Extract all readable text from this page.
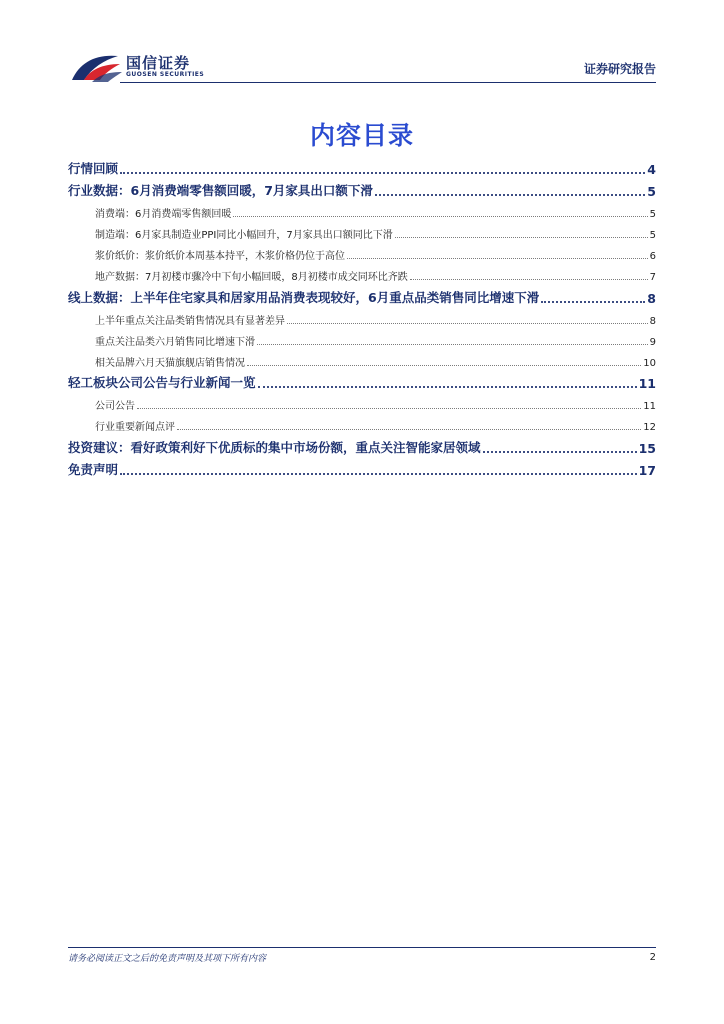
国信证券
GUOSEN SECURITIES	证券研究报告
内容目录
行情回顾	4
行业数据：6月消费端零售额回暖，7月家具出口额下滑	5
消费端：6月消费端零售额回暖	5
制造端：6月家具制造业PPI同比小幅回升，7月家具出口额同比下滑	5
浆价纸价：浆价纸价本周基本持平，木浆价格仍位于高位	6
地产数据：7月初楼市骤冷中下旬小幅回暖，8月初楼市成交同环比齐跌	7
线上数据：上半年住宅家具和居家用品消费表现较好，6月重点品类销售同比增速下滑	8
上半年重点关注品类销售情况具有显著差异	8
重点关注品类六月销售同比增速下滑	9
相关品牌六月天猫旗舰店销售情况	10
轻工板块公司公告与行业新闻一览	11
公司公告	11
行业重要新闻点评	12
投资建议：看好政策利好下优质标的集中市场份额，重点关注智能家居领域	15
免责声明	17
请务必阅读正文之后的免责声明及其项下所有内容	2
